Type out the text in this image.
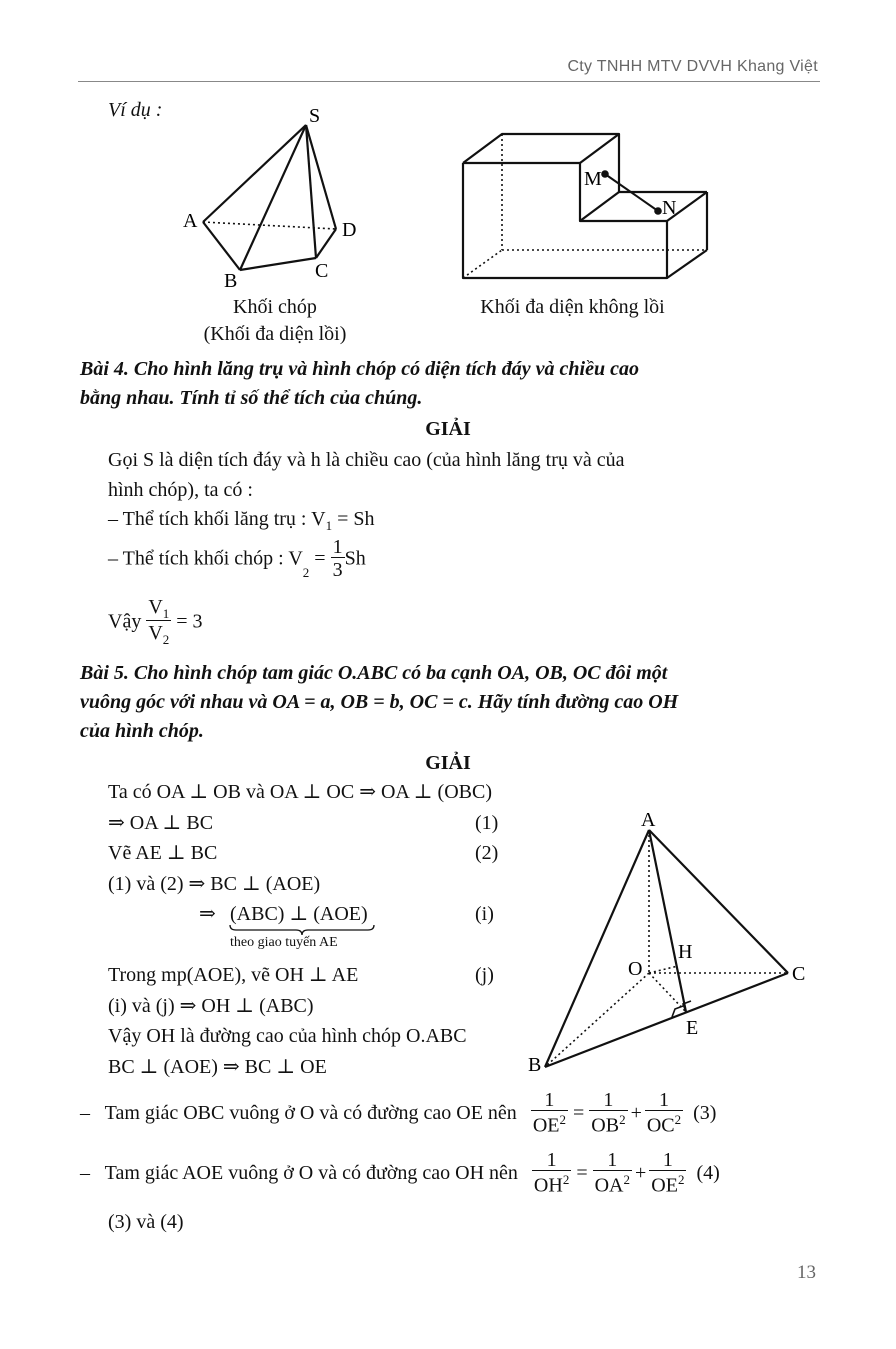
Cty TNHH MTV DVVH Khang Việt
Ví dụ :	S
A
B	C
D
Khối chóp
(Khối đa diện lồi)
M
N
Khối đa diện không lồi
Bài 4. Cho hình lăng trụ và hình chóp có diện tích đáy và chiều cao
bằng nhau. Tính tỉ số thể tích của chúng.
GIẢI
Gọi S là diện tích đáy và h là chiều cao (của hình lăng trụ và của
hình chóp), ta có :
– Thể tích khối lăng trụ : $V_1 = Sh$
– Thể tích khối chóp : $V_2 = \frac{1}{3}$ Sh
Vậy $\frac{V_1}{V_2} = 3$
Bài 5. Cho hình chóp tam giác O.ABC có ba cạnh OA, OB, OC đôi một
vuông góc với nhau và OA = a, OB = b, OC = c. Hãy tính đường cao OH
của hình chóp.
GIẢI
Ta có OA ⊥ OB và OA ⊥ OC ⇒ OA ⊥ (OBC)
⇒ OA ⊥ BC	(1)
Vẽ AE ⊥ BC	(2)
(1) và (2) ⇒ BC ⊥ (AOE)
⇒ (ABC) ⊥ (AOE)
theo giao tuyến AE
(i)
Trong mp(AOE), vẽ OH ⊥ AE	(j)
(i) và (j) ⇒ OH ⊥ (ABC)
Vậy OH là đường cao của hình chóp O.ABC
BC ⊥ (AOE) ⇒ BC ⊥ OE
A
O
H
C
E
B
–   Tam giác OBC vuông ở O và có đường cao OE nên $\frac{1}{OE^2} = \frac{1}{OB^2} + \frac{1}{OC^2} (3)$
–   Tam giác AOE vuông ở O và có đường cao OH nên $\frac{1}{OH^2} = \frac{1}{OA^2} + \frac{1}{OE^2} (4)$
(3) và (4)
13
